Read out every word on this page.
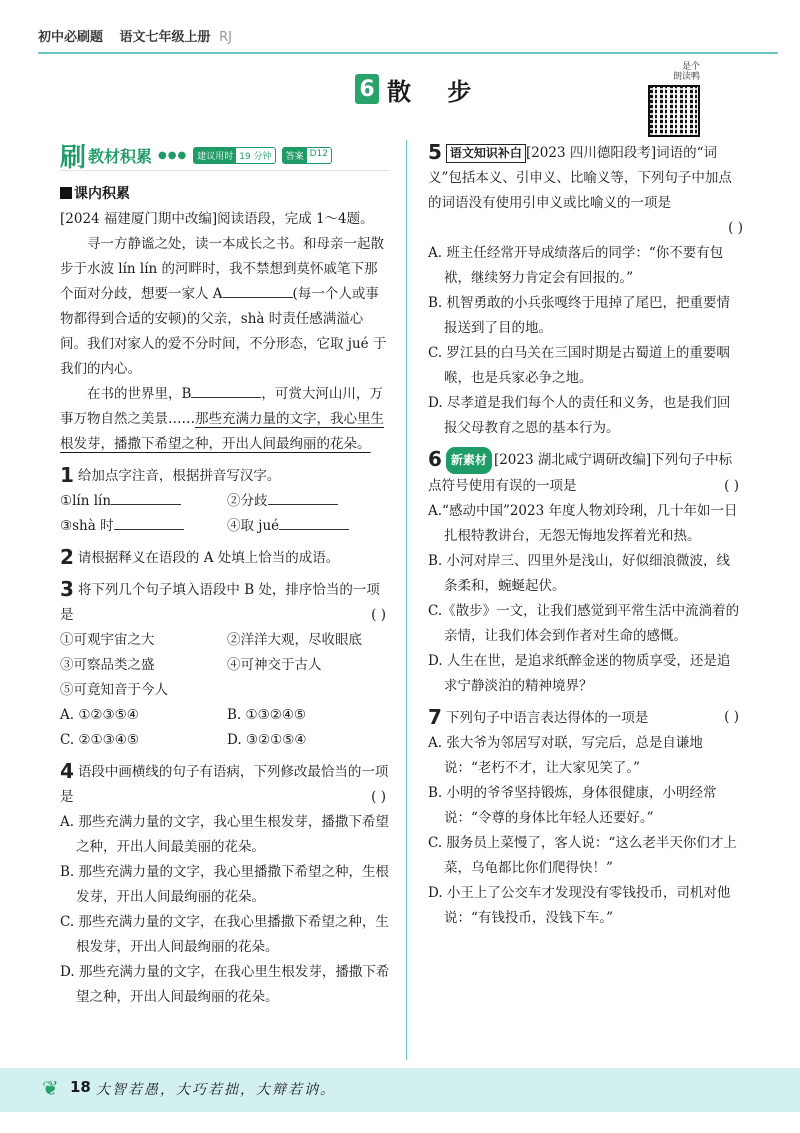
初中必刷题 语文七年级上册 RJ
6 散 步
是个
朗读鸭
刷 教材积累 ●●●	建议用时 19 分钟	答案 D12
课内积累

[2024 福建厦门期中改编]阅读语段，完成 1～4题。

寻一方静谧之处，读一本成长之书。和母亲一起散步于水波 lín lín 的河畔时，我不禁想到莫怀戚笔下那个面对分歧，想要一家人 A	(每一个人或事物都得到合适的安顿)的父亲，shà 时责任感满溢心间。我们对家人的爱不分时间，不分形态，它取 jué 于我们的内心。

在书的世界里，B	，可赏大河山川，万事万物自然之美景……那些充满力量的文字，我心里生根发芽，播撒下希望之种，开出人间最绚丽的花朵。

1 给加点字注音，根据拼音写汉字。

①lín lín	②分歧

③shà 时	④取 jué

2 请根据释义在语段的 A 处填上恰当的成语。

3 将下列几个句子填入语段中 B 处，排序恰当的一项是	( )

①可观宇宙之大	②洋洋大观，尽收眼底

③可察品类之盛	④可神交于古人

⑤可竟知音于今人

A. ①②③⑤④	B. ①③②④⑤

C. ②①③④⑤	D. ③②①⑤④

4 语段中画横线的句子有语病，下列修改最恰当的一项是	( )

A. 那些充满力量的文字，我心里生根发芽，播撒下希望之种，开出人间最美丽的花朵。

B. 那些充满力量的文字，我心里播撒下希望之种，生根发芽，开出人间最绚丽的花朵。

C. 那些充满力量的文字，在我心里播撒下希望之种，生根发芽，开出人间最绚丽的花朵。

D. 那些充满力量的文字，在我心里生根发芽，播撒下希望之种，开出人间最绚丽的花朵。

5 语文知识补白 [2023 四川德阳段考]词语的“词义”包括本义、引申义、比喻义等，下列句子中加点的词语没有使用引申义或比喻义的一项是

( )

A. 班主任经常开导成绩落后的同学：“你不要有包袱，继续努力肯定会有回报的。”

B. 机智勇敢的小兵张嘎终于甩掉了尾巴，把重要情报送到了目的地。

C. 罗江县的白马关在三国时期是古蜀道上的重要咽喉，也是兵家必争之地。

D. 尽孝道是我们每个人的责任和义务，也是我们回报父母教育之恩的基本行为。

6 新素材 [2023 湖北咸宁调研改编]下列句子中标点符号使用有误的一项是	( )

A.“感动中国”2023 年度人物刘玲琍，几十年如一日扎根特教讲台，无怨无悔地发挥着光和热。

B. 小河对岸三、四里外是浅山，好似细浪微波，线条柔和，蜿蜒起伏。

C.《散步》一文，让我们感觉到平常生活中流淌着的亲情，让我们体会到作者对生命的感慨。

D. 人生在世，是追求纸醉金迷的物质享受，还是追求宁静淡泊的精神境界？

7 下列句子中语言表达得体的一项是	( )

A. 张大爷为邻居写对联，写完后，总是自谦地说：“老朽不才，让大家见笑了。”

B. 小明的爷爷坚持锻炼，身体很健康，小明经常说：“令尊的身体比年轻人还要好。”

C. 服务员上菜慢了，客人说：“这么老半天你们才上菜，乌龟都比你们爬得快！”

D. 小王上了公交车才发现没有零钱投币，司机对他说：“有钱投币，没钱下车。”

❦ 18 大智若愚，大巧若拙，大辩若讷。
